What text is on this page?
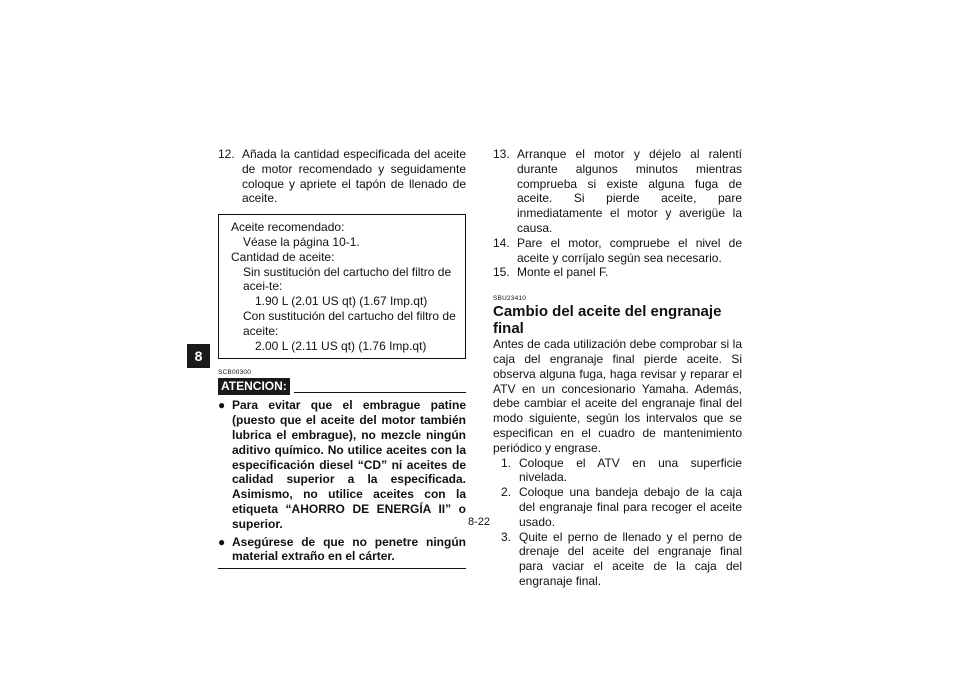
8
12. Añada la cantidad especificada del aceite de motor recomendado y seguidamente coloque y apriete el tapón de llenado de aceite.
Aceite recomendado:
Véase la página 10-1.
Cantidad de aceite:
Sin sustitución del cartucho del filtro de acei-te:
1.90 L (2.01 US qt) (1.67 Imp.qt)
Con sustitución del cartucho del filtro de aceite:
2.00 L (2.11 US qt) (1.76 Imp.qt)
SCB00300
ATENCION:
● Para evitar que el embrague patine (puesto que el aceite del motor también lubrica el embrague), no mezcle ningún aditivo químico. No utilice aceites con la especificación diesel “CD” ni aceites de calidad superior a la especificada. Asimismo, no utilice aceites con la etiqueta “AHORRO DE ENERGÍA II” o superior.
● Asegúrese de que no penetre ningún material extraño en el cárter.
13. Arranque el motor y déjelo al ralentí durante algunos minutos mientras comprueba si existe alguna fuga de aceite. Si pierde aceite, pare inmediatamente el motor y averigüe la causa.
14. Pare el motor, compruebe el nivel de aceite y corríjalo según sea necesario.
15. Monte el panel F.
SBU23410
Cambio del aceite del engranaje final
Antes de cada utilización debe comprobar si la caja del engranaje final pierde aceite. Si observa alguna fuga, haga revisar y reparar el ATV en un concesionario Yamaha. Además, debe cambiar el aceite del engranaje final del modo siguiente, según los intervalos que se especifican en el cuadro de mantenimiento periódico y engrase.
1. Coloque el ATV en una superficie nivelada.
2. Coloque una bandeja debajo de la caja del engranaje final para recoger el aceite usado.
3. Quite el perno de llenado y el perno de drenaje del aceite del engranaje final para vaciar el aceite de la caja del engranaje final.
8-22
